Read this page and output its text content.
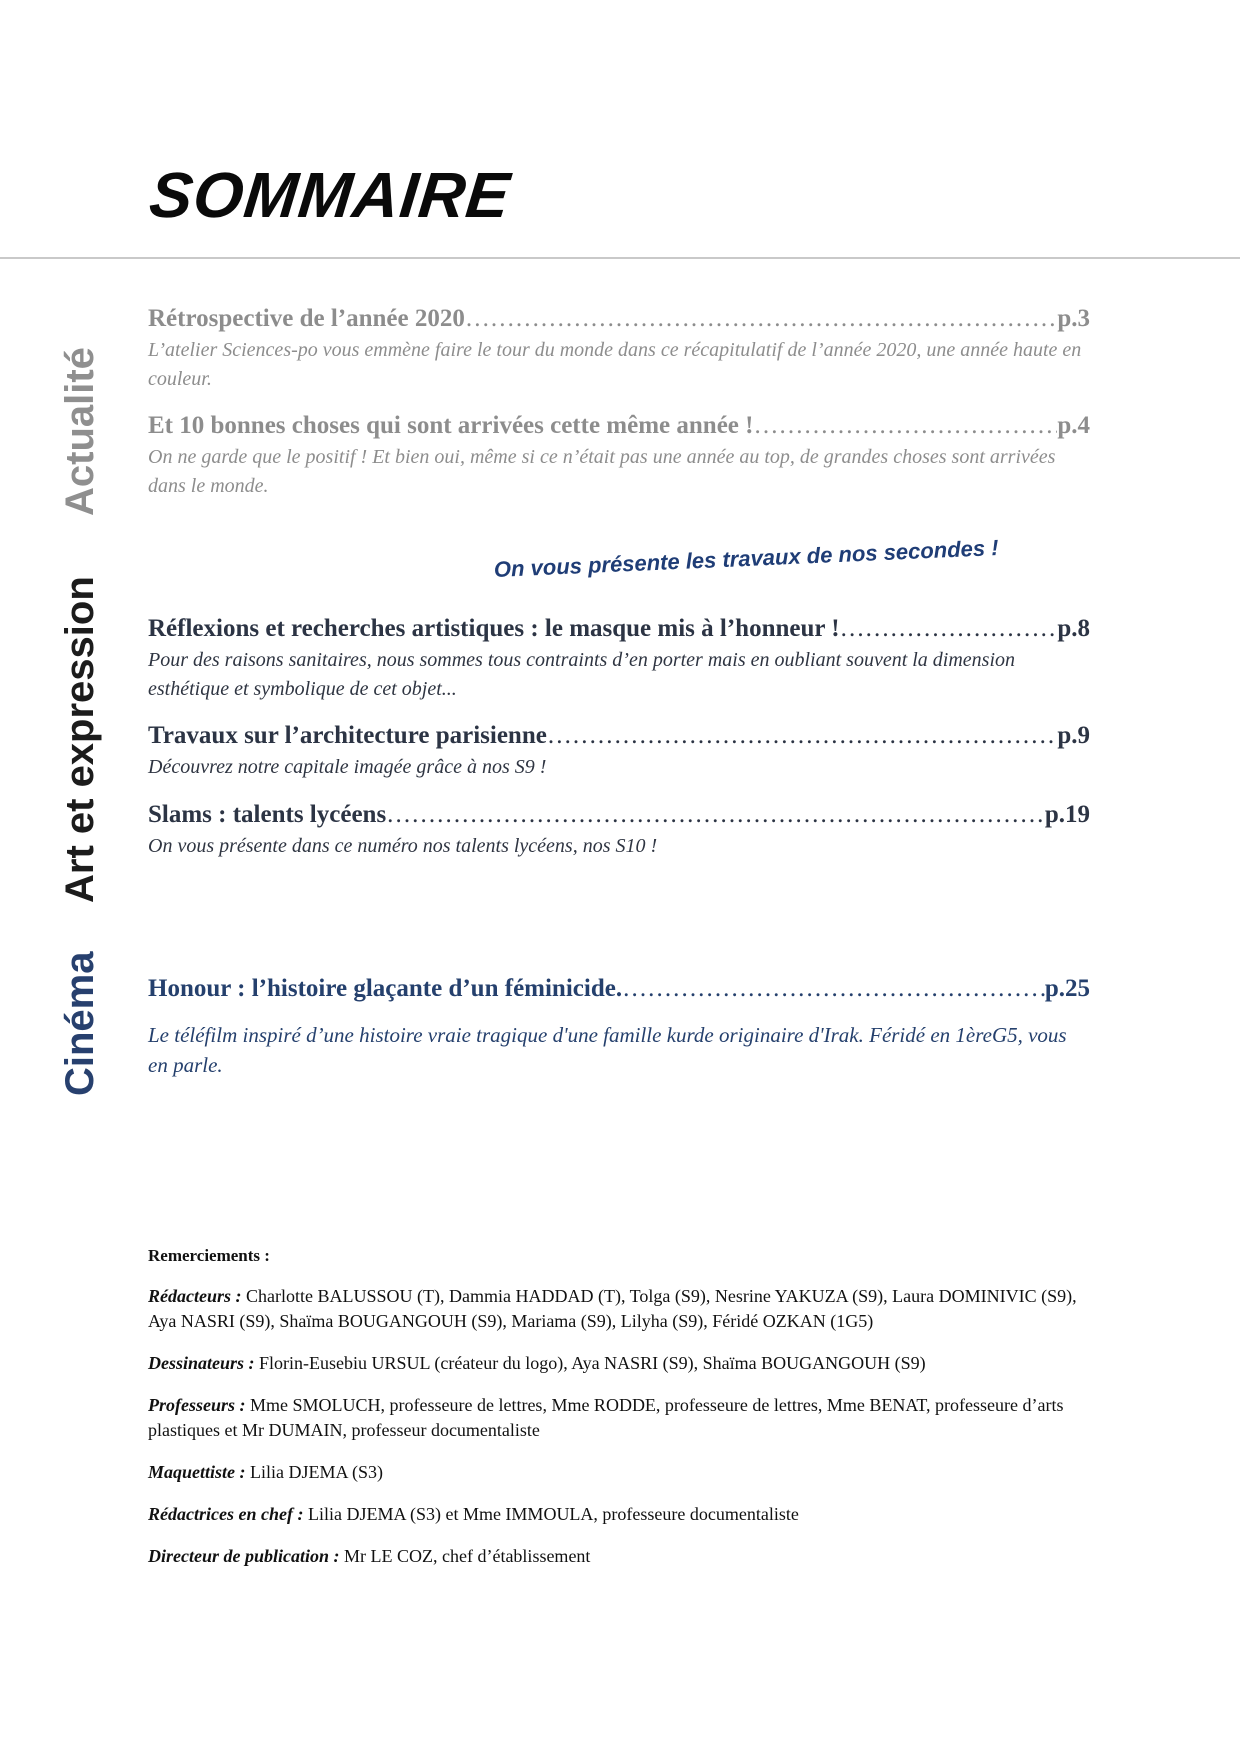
SOMMAIRE
Actualité
Art et expression
Cinéma
Rétrospective de l’année 2020 ……………………………………………………………………………………………………………………	p.3
L’atelier Sciences-po vous emmène faire le tour du monde dans ce récapitulatif de l’année 2020, une année haute en couleur.
Et 10 bonnes choses qui sont arrivées cette même année ! ……………………………………………………………………………………………………………………	p.4
On ne garde que le positif ! Et bien oui, même si ce n’était pas une année au top, de grandes choses sont arrivées dans le monde.
On vous présente les travaux de nos secondes !
Réflexions et recherches artistiques : le masque mis à l’honneur ! ……………………………………………………………………………………………………………………	p.8
Pour des raisons sanitaires, nous sommes tous contraints d’en porter mais en oubliant souvent la dimension esthétique et symbolique de cet objet...
Travaux sur l’architecture parisienne ……………………………………………………………………………………………………………………	p.9
Découvrez notre capitale imagée grâce à nos S9 !
Slams : talents lycéens ……………………………………………………………………………………………………………………	p.19
On vous présente dans ce numéro nos talents lycéens, nos S10 !
Honour : l’histoire glaçante d’un féminicide. ……………………………………………………………………………………………………………………	p.25
Le téléfilm inspiré d’une histoire vraie tragique d'une famille kurde originaire d'Irak. Féridé en 1èreG5, vous en parle.

Remerciements :

Rédacteurs : Charlotte BALUSSOU (T), Dammia HADDAD (T), Tolga (S9), Nesrine YAKUZA (S9), Laura DOMINIVIC (S9), Aya NASRI (S9), Shaïma BOUGANGOUH (S9), Mariama (S9), Lilyha (S9), Féridé OZKAN (1G5)

Dessinateurs : Florin-Eusebiu URSUL (créateur du logo), Aya NASRI (S9), Shaïma BOUGANGOUH (S9)

Professeurs : Mme SMOLUCH, professeure de lettres, Mme RODDE, professeure de lettres, Mme BENAT, professeure d’arts plastiques et Mr DUMAIN, professeur documentaliste

Maquettiste : Lilia DJEMA (S3)

Rédactrices en chef : Lilia DJEMA (S3) et Mme IMMOULA, professeure documentaliste

Directeur de publication : Mr LE COZ, chef d’établissement
